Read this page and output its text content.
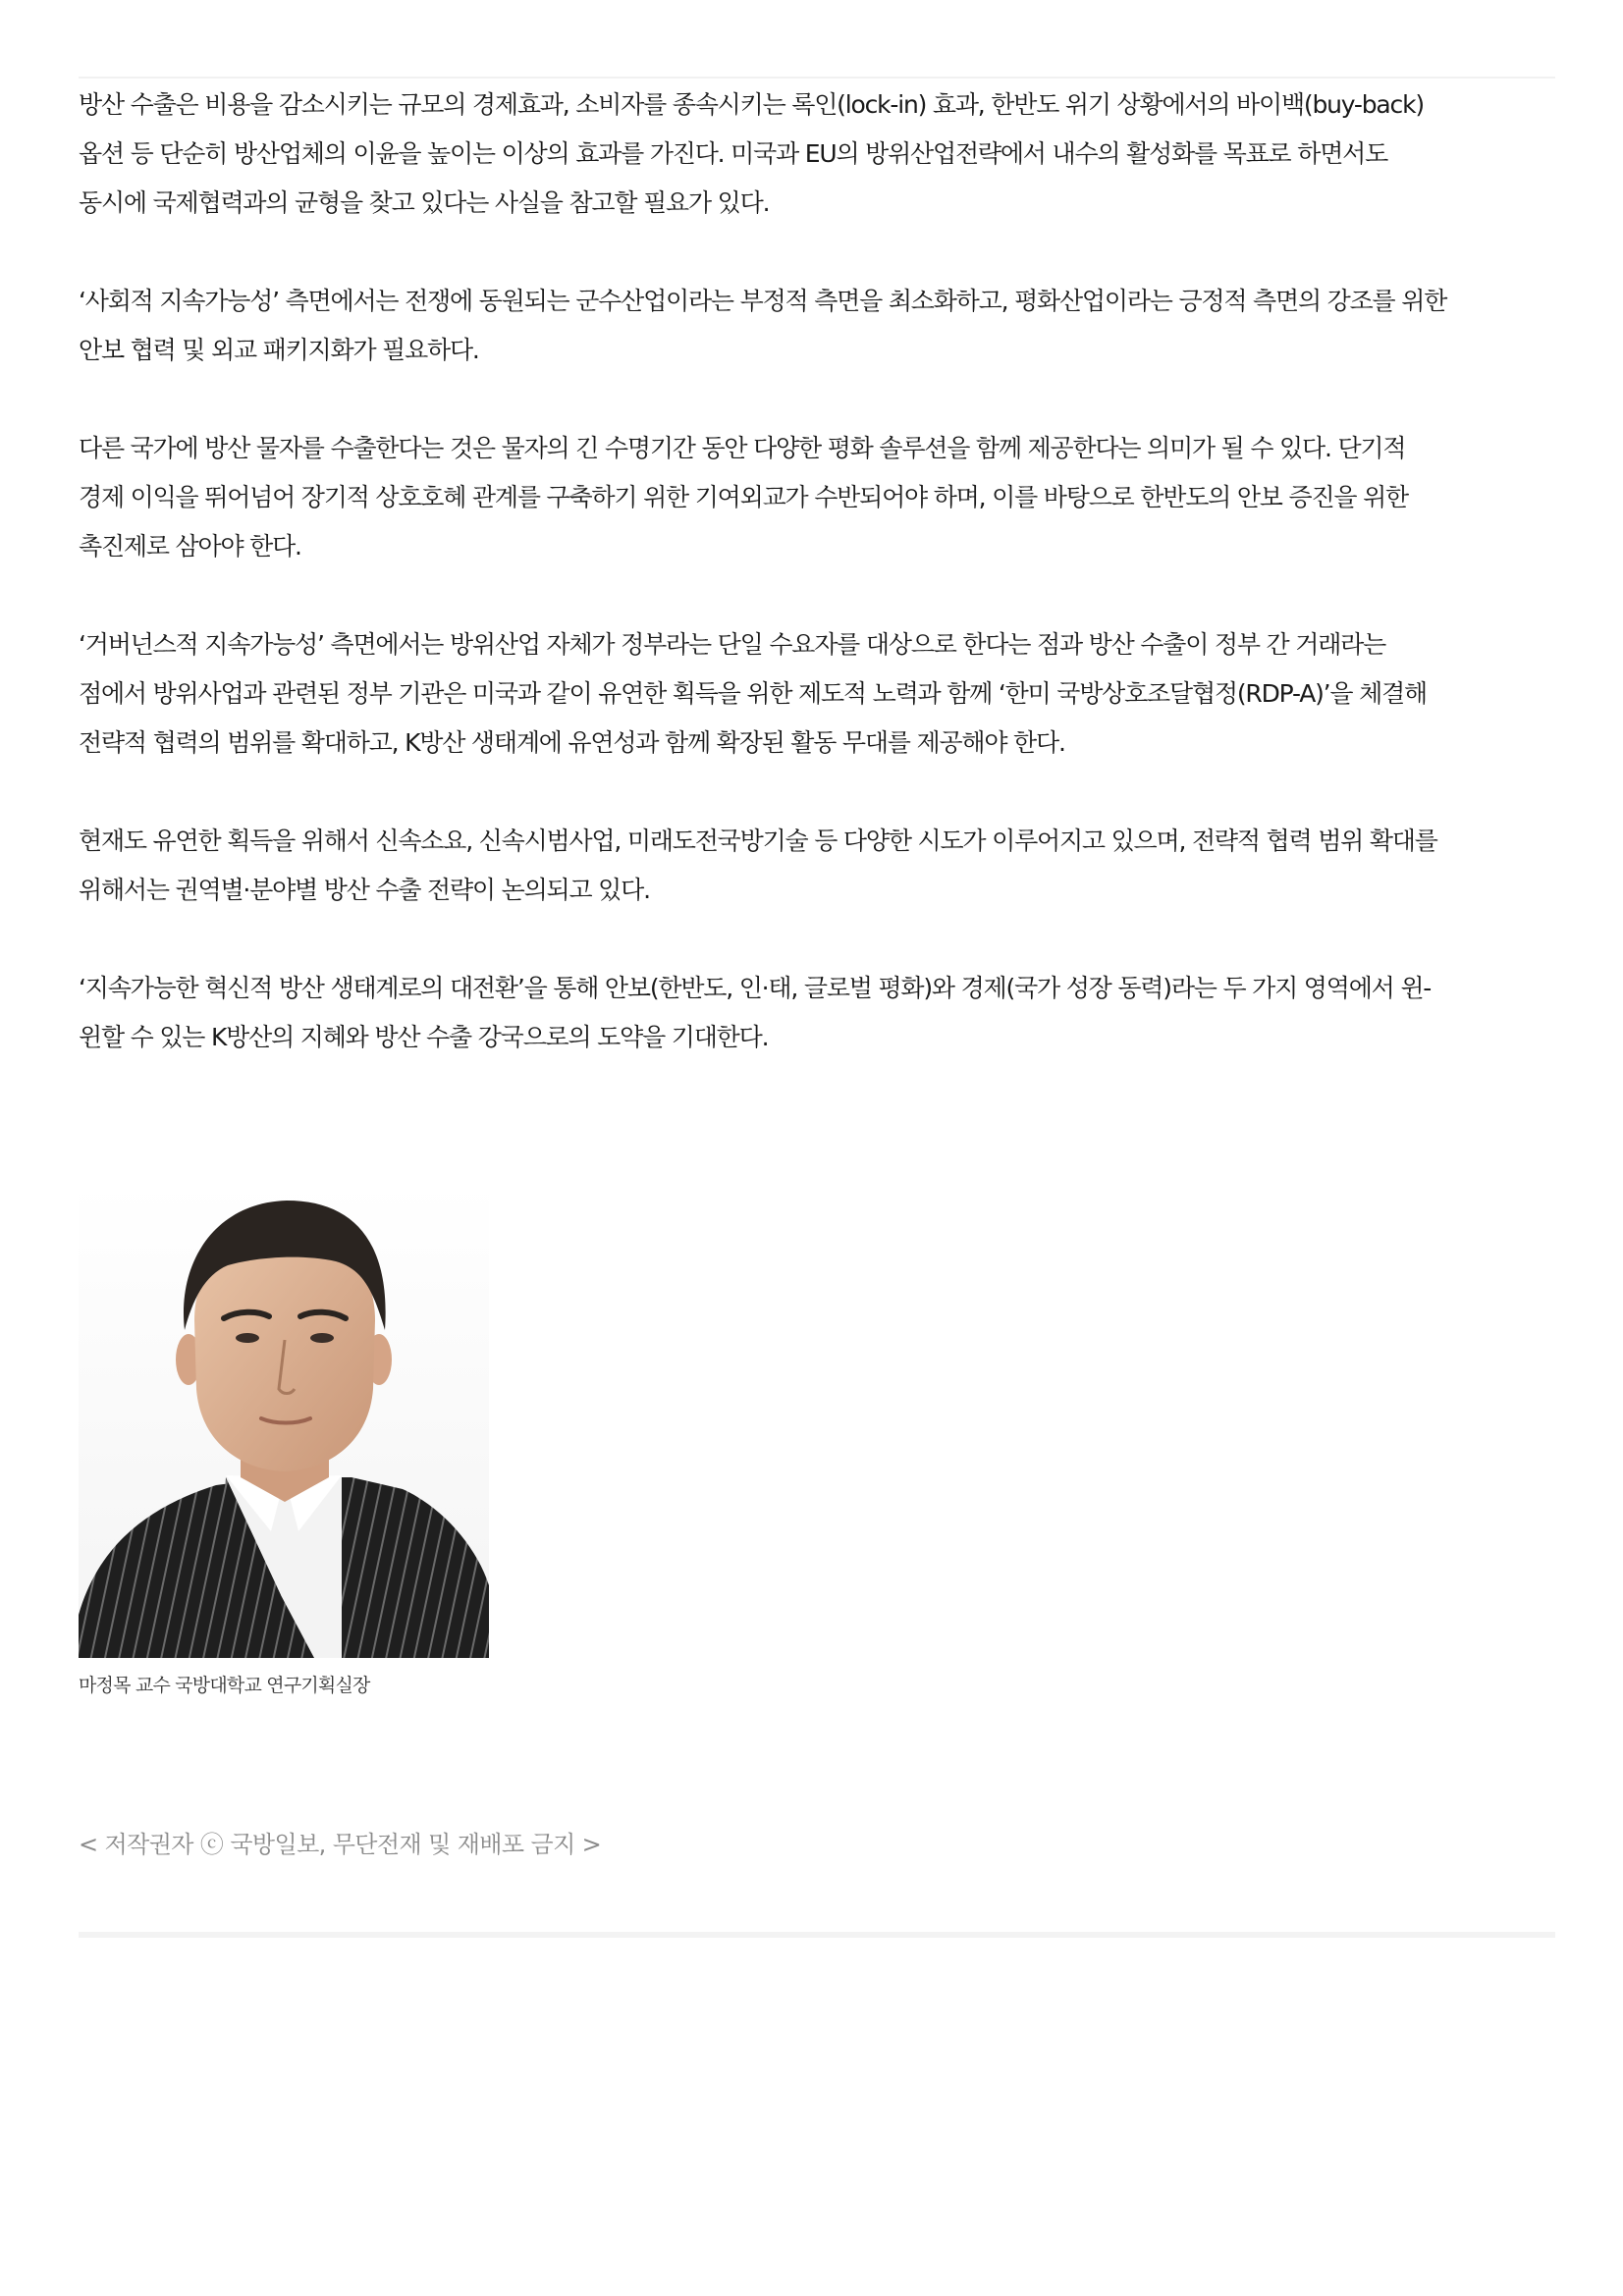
방산 수출은 비용을 감소시키는 규모의 경제효과, 소비자를 종속시키는 록인(lock-in) 효과, 한반도 위기 상황에서의 바이백(buy-back) 옵션 등 단순히 방산업체의 이윤을 높이는 이상의 효과를 가진다. 미국과 EU의 방위산업전략에서 내수의 활성화를 목표로 하면서도 동시에 국제협력과의 균형을 찾고 있다는 사실을 참고할 필요가 있다.

‘사회적 지속가능성’ 측면에서는 전쟁에 동원되는 군수산업이라는 부정적 측면을 최소화하고, 평화산업이라는 긍정적 측면의 강조를 위한 안보 협력 및 외교 패키지화가 필요하다.

다른 국가에 방산 물자를 수출한다는 것은 물자의 긴 수명기간 동안 다양한 평화 솔루션을 함께 제공한다는 의미가 될 수 있다. 단기적 경제 이익을 뛰어넘어 장기적 상호호혜 관계를 구축하기 위한 기여외교가 수반되어야 하며, 이를 바탕으로 한반도의 안보 증진을 위한 촉진제로 삼아야 한다.

‘거버넌스적 지속가능성’ 측면에서는 방위산업 자체가 정부라는 단일 수요자를 대상으로 한다는 점과 방산 수출이 정부 간 거래라는 점에서 방위사업과 관련된 정부 기관은 미국과 같이 유연한 획득을 위한 제도적 노력과 함께 ‘한미 국방상호조달협정(RDP-A)’을 체결해 전략적 협력의 범위를 확대하고, K방산 생태계에 유연성과 함께 확장된 활동 무대를 제공해야 한다.

현재도 유연한 획득을 위해서 신속소요, 신속시범사업, 미래도전국방기술 등 다양한 시도가 이루어지고 있으며, 전략적 협력 범위 확대를 위해서는 권역별·분야별 방산 수출 전략이 논의되고 있다.

‘지속가능한 혁신적 방산 생태계로의 대전환’을 통해 안보(한반도, 인·태, 글로벌 평화)와 경제(국가 성장 동력)라는 두 가지 영역에서 윈-윈할 수 있는 K방산의 지혜와 방산 수출 강국으로의 도약을 기대한다.

마정목 교수 국방대학교 연구기획실장
< 저작권자 ⓒ 국방일보, 무단전재 및 재배포 금지 >
